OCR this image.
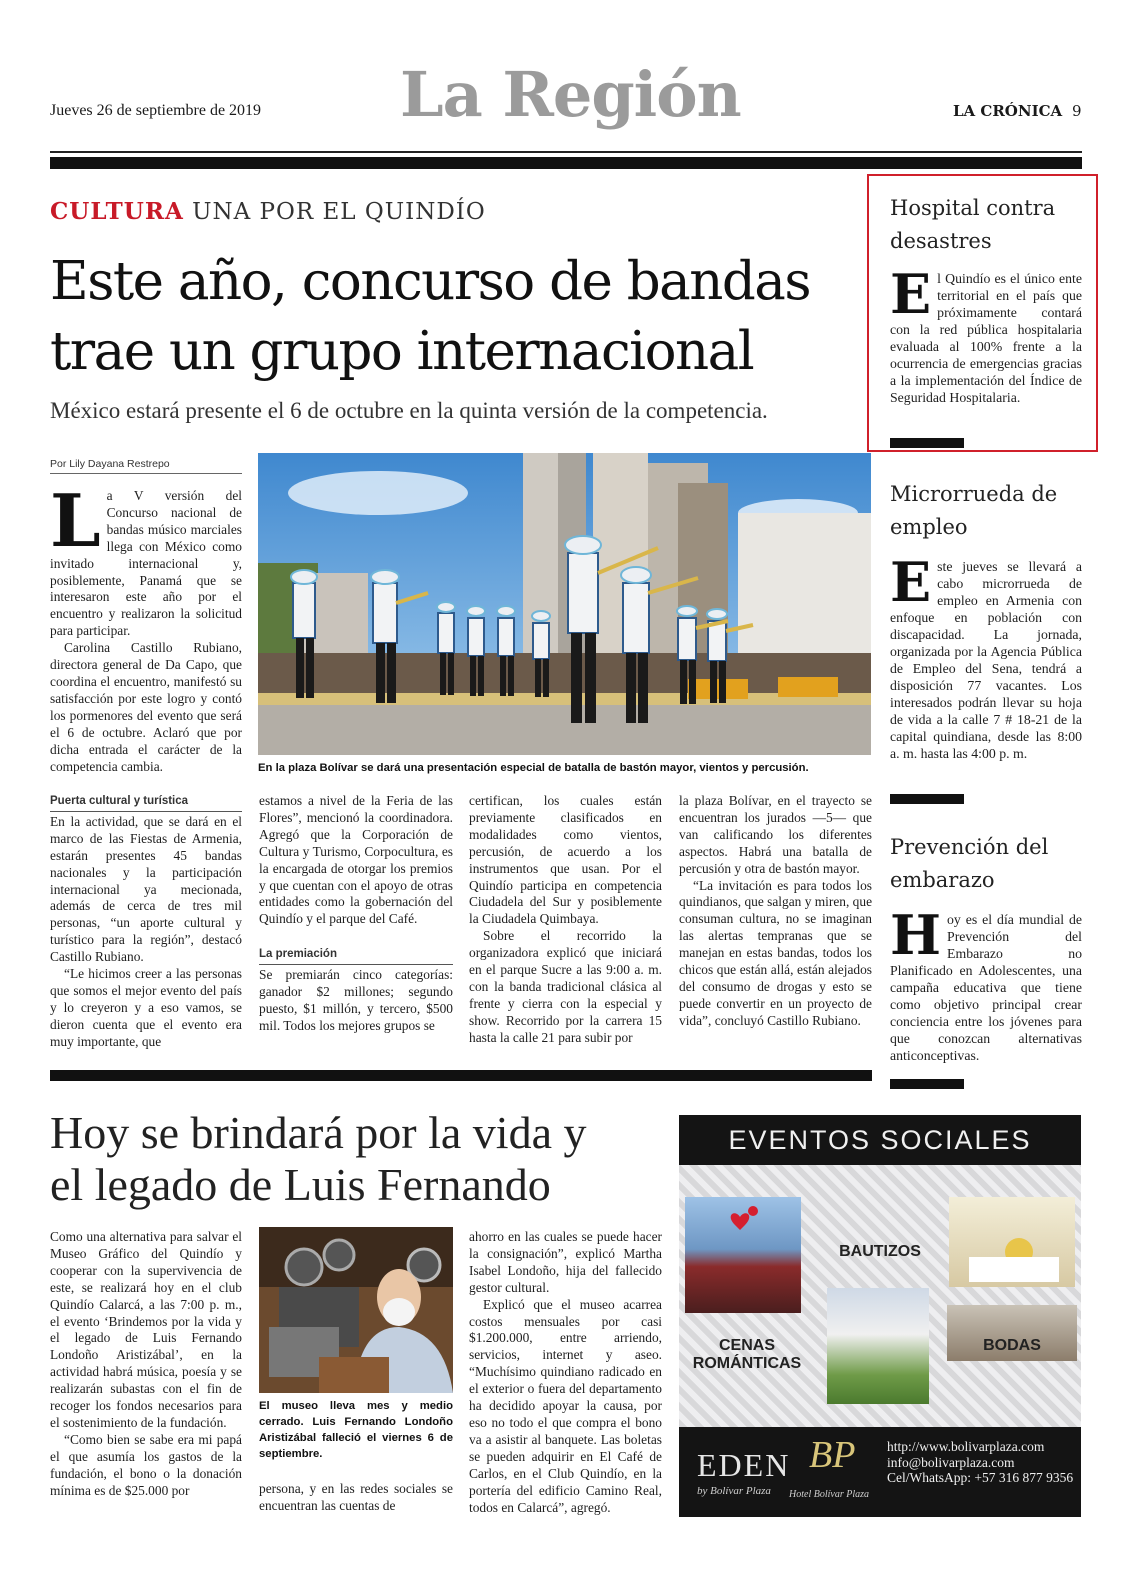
Jueves 26 de septiembre de 2019 La Región	LA CRÓNICA 9
CULTURA UNA POR EL QUINDÍO
Este año, concurso de bandas
trae un grupo internacional
México estará presente el 6 de octubre en la quinta versión de la competencia.
Por Lily Dayana Restrepo

La V versión del Concurso nacional de bandas músico marciales llega con México como invitado internacional y, posiblemente, Panamá que se interesaron este año por el encuentro y realizaron la solicitud para participar.

Carolina Castillo Rubiano, directora general de Da Capo, que coordina el encuentro, manifestó su satisfacción por este logro y contó los pormenores del evento que será el 6 de octubre. Aclaró que por dicha entrada el carácter de la competencia cambia.	En la plaza Bolívar se dará una presentación especial de batalla de bastón mayor, vientos y percusión.
Puerta cultural y turística

En la actividad, que se dará en el marco de las Fiestas de Armenia, estarán presentes 45 bandas nacionales y la participación internacional ya mecionada, además de cerca de tres mil personas, “un aporte cultural y turístico para la región”, destacó Castillo Rubiano.

“Le hicimos creer a las personas que somos el mejor evento del país y lo creyeron y a eso vamos, se dieron cuenta que el evento era muy importante, que

estamos a nivel de la Feria de las Flores”, mencionó la coordinadora. Agregó que la Corporación de Cultura y Turismo, Corpocultura, es la encargada de otorgar los premios y que cuentan con el apoyo de otras entidades como la gobernación del Quindío y el parque del Café.

La premiación

Se premiarán cinco categorías: ganador $2 millones; segundo puesto, $1 millón, y tercero, $500 mil. Todos los mejores grupos se

certifican, los cuales están previamente clasificados en modalidades como vientos, percusión, de acuerdo a los instrumentos que usan. Por el Quindío participa en competencia Ciudadela del Sur y posiblemente la Ciudadela Quimbaya.

Sobre el recorrido la organizadora explicó que iniciará en el parque Sucre a las 9:00 a. m. con la banda tradicional clásica al frente y cierra con la especial y show. Recorrido por la carrera 15 hasta la calle 21 para subir por

la plaza Bolívar, en el trayecto se encuentran los jurados —5— que van calificando los diferentes aspectos. Habrá una batalla de percusión y otra de bastón mayor.

“La invitación es para todos los quindianos, que salgan y miren, que consuman cultura, no se imaginan las alertas tempranas que se manejan en estas bandas, todos los chicos que están allá, están alejados del consumo de drogas y esto se puede convertir en un proyecto de vida”, concluyó Castillo Rubiano.

Hospital contra desastres
El Quindío es el único ente territorial en el país que próximamente contará con la red pública hospitalaria evaluada al 100% frente a la ocurrencia de emergencias gracias a la implementación del Índice de Seguridad Hospitalaria.
Microrrueda de empleo
Este jueves se llevará a cabo microrrueda de empleo en Armenia con enfoque en población con discapacidad. La jornada, organizada por la Agencia Pública de Empleo del Sena, tendrá a disposición 77 vacantes. Los interesados podrán llevar su hoja de vida a la calle 7 # 18-21 de la capital quindiana, desde las 8:00 a. m. hasta las 4:00 p. m.
Prevención del embarazo
Hoy es el día mundial de Prevención del Embarazo no Planificado en Adolescentes, una campaña educativa que tiene como objetivo principal crear conciencia entre los jóvenes para que conozcan alternativas anticonceptivas.
Hoy se brindará por la vida y
el legado de Luis Fernando

Como una alternativa para salvar el Museo Gráfico del Quindío y cooperar con la supervivencia de este, se realizará hoy en el club Quindío Calarcá, a las 7:00 p. m., el evento ‘Brindemos por la vida y el legado de Luis Fernando Londoño Aristizábal’, en la actividad habrá música, poesía y se realizarán subastas con el fin de recoger los fondos necesarios para el sostenimiento de la fundación.

“Como bien se sabe era mi papá el que asumía los gastos de la fundación, el bono o la donación mínima es de $25.000 por

El museo lleva mes y medio cerrado. Luis Fernando Londoño Aristizábal falleció el viernes 6 de septiembre.

persona, y en las redes sociales se encuentran las cuentas de

ahorro en las cuales se puede hacer la consignación”, explicó Martha Isabel Londoño, hija del fallecido gestor cultural.

Explicó que el museo acarrea costos mensuales por casi $1.200.000, entre arriendo, servicios, internet y aseo. “Muchísimo quindiano radicado en el exterior o fuera del departamento ha decidido apoyar la causa, por eso no todo el que compra el bono va a asistir al banquete. Las boletas se pueden adquirir en El Café de Carlos, en el Club Quindío, en la portería del edificio Camino Real, todos en Calarcá”, agregó.

EVENTOS SOCIALES
BAUTIZOS
CENAS
ROMÁNTICAS
BODAS
EDEN
by Bolívar Plaza
BP
Hotel Bolívar Plaza
http://www.bolivarplaza.com
info@bolivarplaza.com
Cel/WhatsApp: +57 316 877 9356
